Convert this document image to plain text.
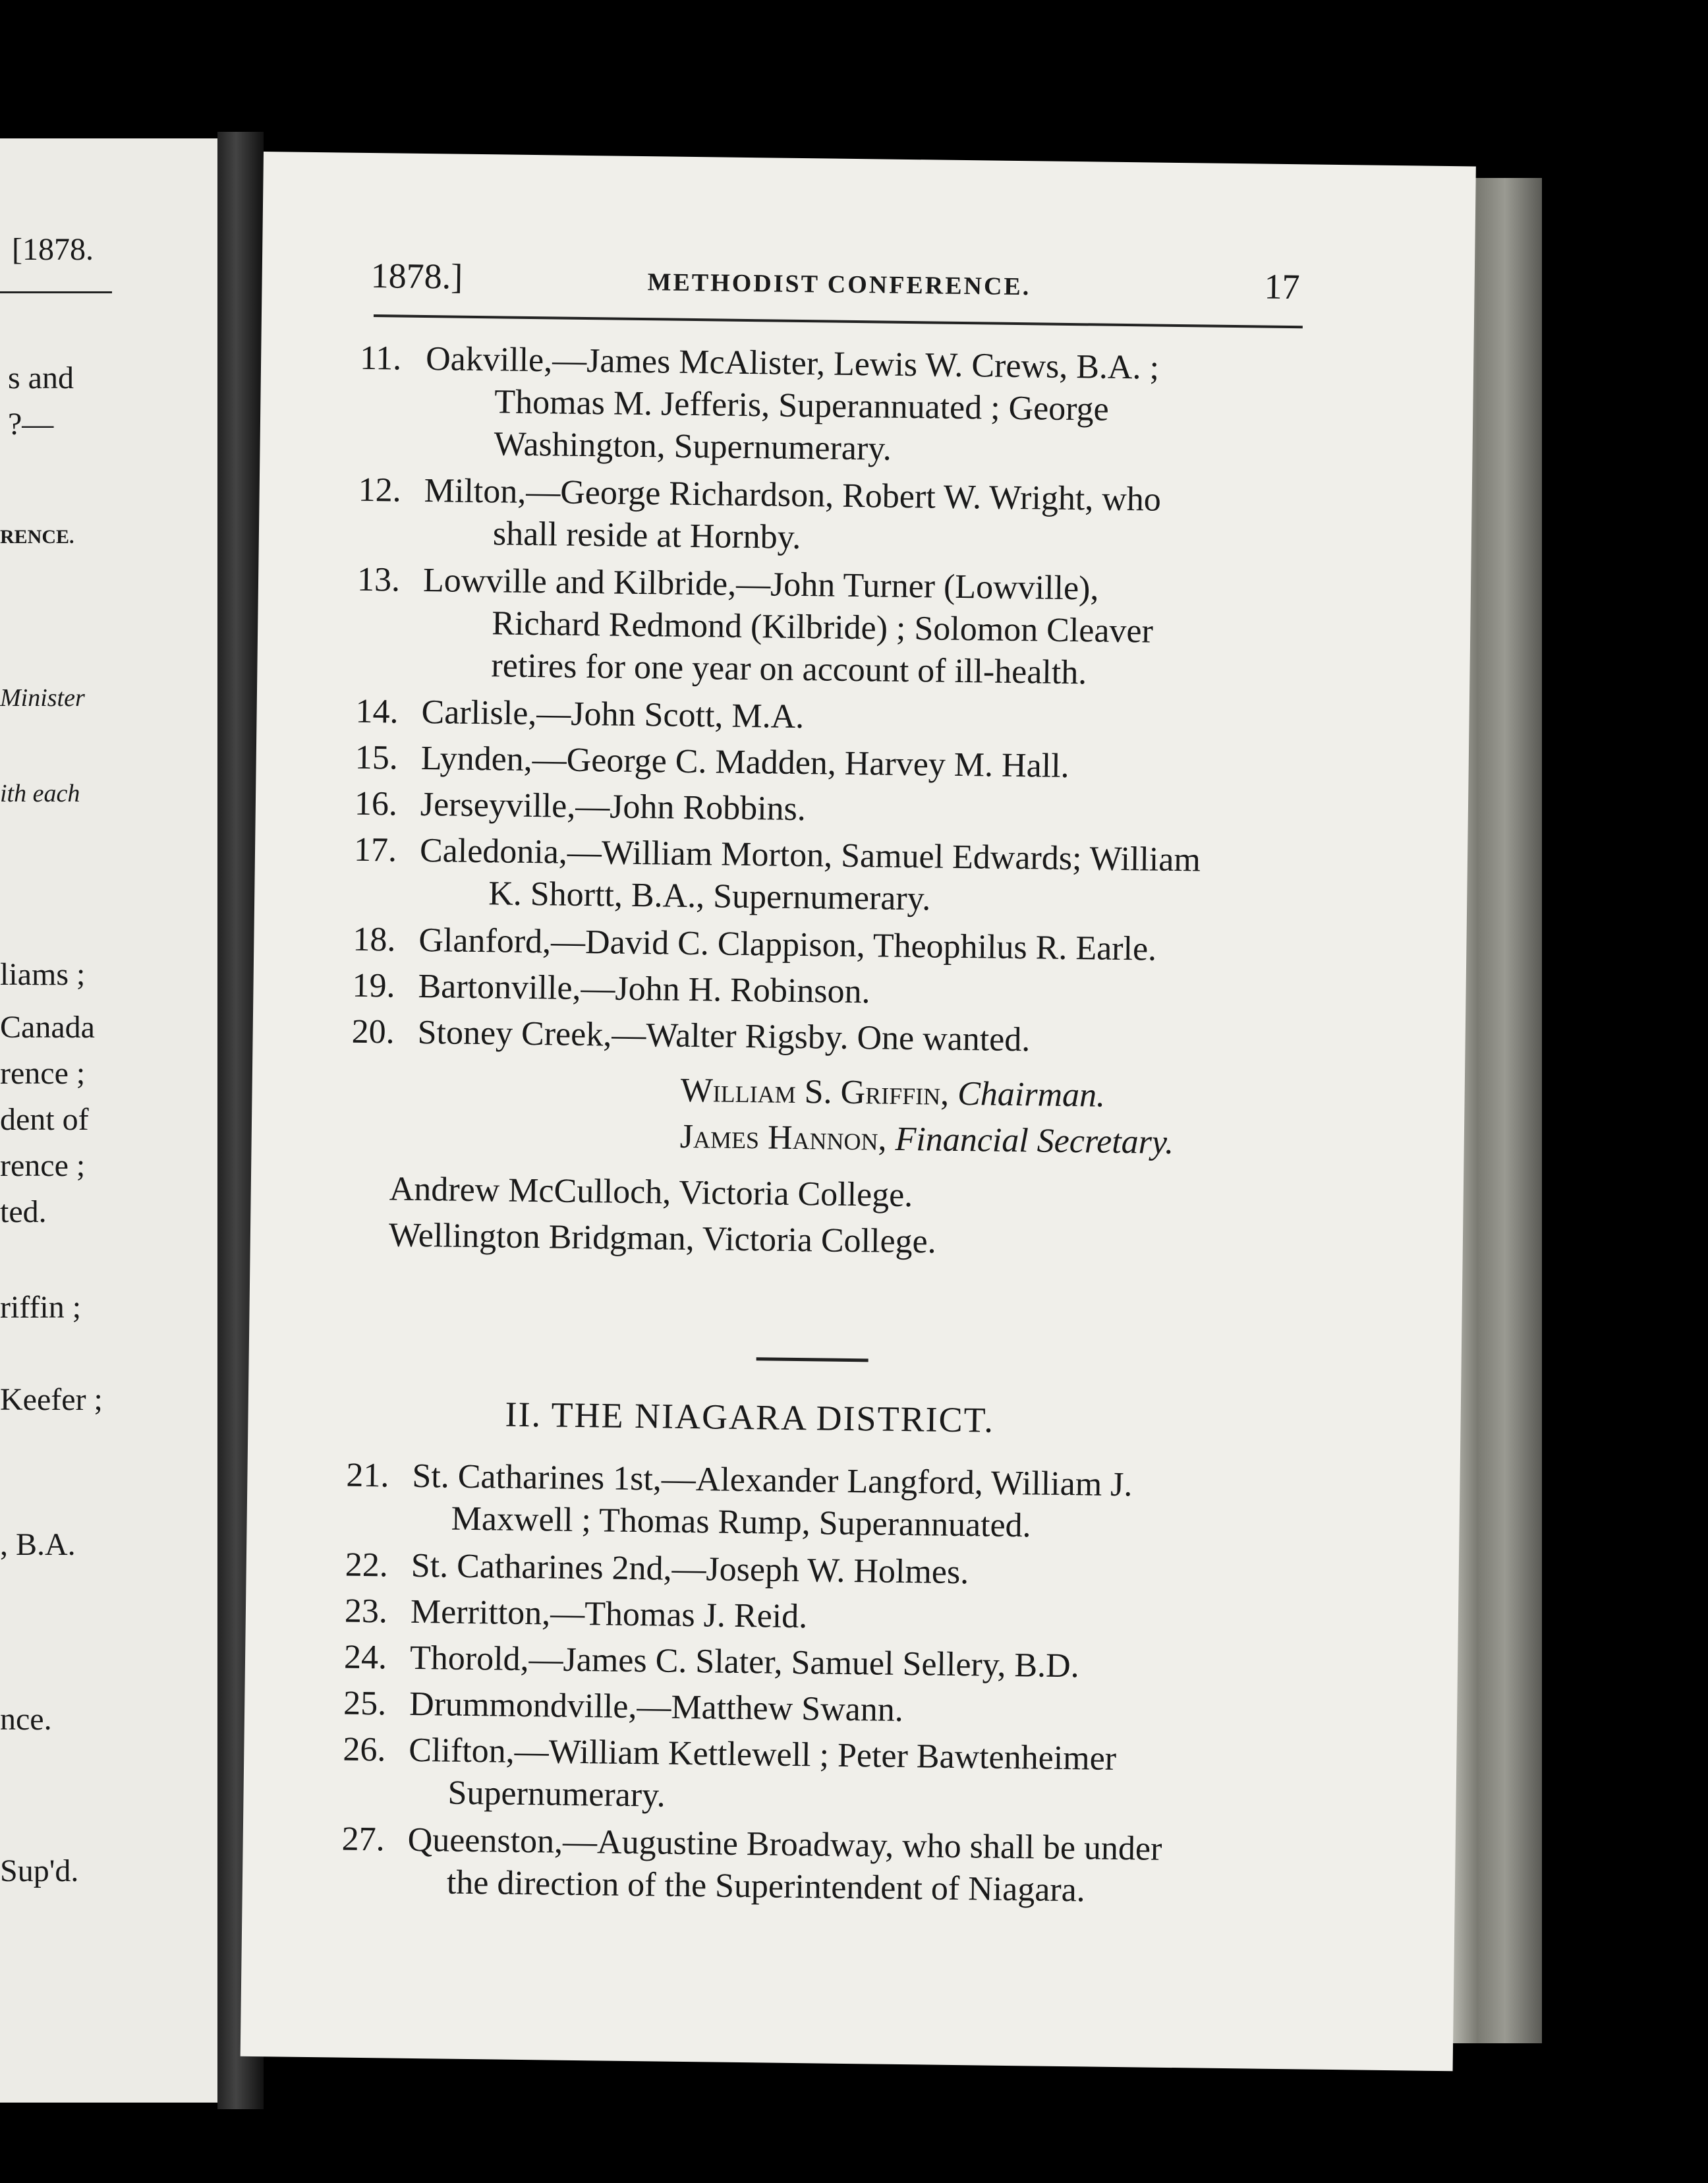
[1878.
s and
?—
RENCE.
Minister
ith each
liams ;
Canada
rence ;
dent of
rence ;
ted.
riffin ;
Keefer ;
, B.A.
nce.
Sup'd.
1878.]	METHODIST CONFERENCE.	17
11. Oakville,—James McAlister, Lewis W. Crews, B.A. ;
Thomas M. Jefferis, Superannuated ; George
Washington, Supernumerary.
12. Milton,—George Richardson, Robert W. Wright, who
shall reside at Hornby.
13. Lowville and Kilbride,—John Turner (Lowville),
Richard Redmond (Kilbride) ; Solomon Cleaver
retires for one year on account of ill-health.
14. Carlisle,—John Scott, M.A.
15. Lynden,—George C. Madden, Harvey M. Hall.
16. Jerseyville,—John Robbins.
17. Caledonia,—William Morton, Samuel Edwards; William
K. Shortt, B.A., Supernumerary.
18. Glanford,—David C. Clappison, Theophilus R. Earle.
19. Bartonville,—John H. Robinson.
20. Stoney Creek,—Walter Rigsby. One wanted.
William S. Griffin, Chairman.
James Hannon, Financial Secretary.
Andrew McCulloch, Victoria College.
Wellington Bridgman, Victoria College.
II. THE NIAGARA DISTRICT.
21. St. Catharines 1st,—Alexander Langford, William J.
Maxwell ; Thomas Rump, Superannuated.
22. St. Catharines 2nd,—Joseph W. Holmes.
23. Merritton,—Thomas J. Reid.
24. Thorold,—James C. Slater, Samuel Sellery, B.D.
25. Drummondville,—Matthew Swann.
26. Clifton,—William Kettlewell ; Peter Bawtenheimer
Supernumerary.
27. Queenston,—Augustine Broadway, who shall be under
the direction of the Superintendent of Niagara.
